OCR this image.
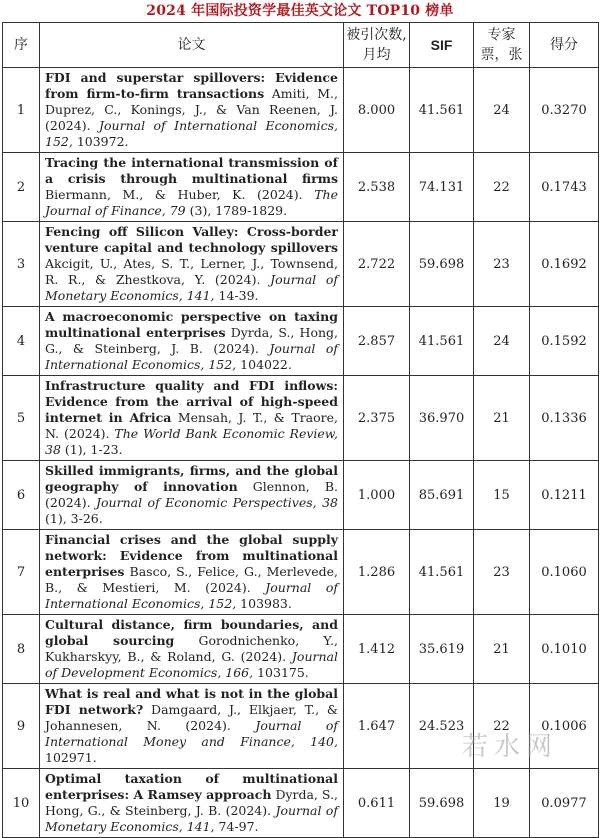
2024 年国际投资学最佳英文论文 TOP10 榜单
序	论文	被引次数,月均	SIF	专家票，张	得分
1	FDI and superstar spillovers: Evidence from firm-to-firm transactions Amiti, M., Duprez, C., Konings, J., & Van Reenen, J. (2024). Journal of International Economics, 152, 103972.	8.000	41.561	24	0.3270
2	Tracing the international transmission of a crisis through multinational firms Biermann, M., & Huber, K. (2024). The Journal of Finance, 79 (3), 1789-1829.	2.538	74.131	22	0.1743
3	Fencing off Silicon Valley: Cross-border venture capital and technology spillovers Akcigit, U., Ates, S. T., Lerner, J., Townsend, R. R., & Zhestkova, Y. (2024). Journal of Monetary Economics, 141, 14-39.	2.722	59.698	23	0.1692
4	A macroeconomic perspective on taxing multinational enterprises Dyrda, S., Hong, G., & Steinberg, J. B. (2024). Journal of International Economics, 152, 104022.	2.857	41.561	24	0.1592
5	Infrastructure quality and FDI inflows: Evidence from the arrival of high-speed internet in Africa Mensah, J. T., & Traore, N. (2024). The World Bank Economic Review, 38 (1), 1-23.	2.375	36.970	21	0.1336
6	Skilled immigrants, firms, and the global geography of innovation Glennon, B. (2024). Journal of Economic Perspectives, 38 (1), 3-26.	1.000	85.691	15	0.1211
7	Financial crises and the global supply network: Evidence from multinational enterprises Basco, S., Felice, G., Merlevede, B., & Mestieri, M. (2024). Journal of International Economics, 152, 103983.	1.286	41.561	23	0.1060
8	Cultural distance, firm boundaries, and global sourcing Gorodnichenko, Y., Kukharskyy, B., & Roland, G. (2024). Journal of Development Economics, 166, 103175.	1.412	35.619	21	0.1010
9	What is real and what is not in the global FDI network? Damgaard, J., Elkjaer, T., & Johannesen, N. (2024). Journal of International Money and Finance, 140, 102971.	1.647	24.523	22	0.1006
10	Optimal taxation of multinational enterprises: A Ramsey approach Dyrda, S., Hong, G., & Steinberg, J. B. (2024). Journal of Monetary Economics, 141, 74-97.	0.611	59.698	19	0.0977
若水网
